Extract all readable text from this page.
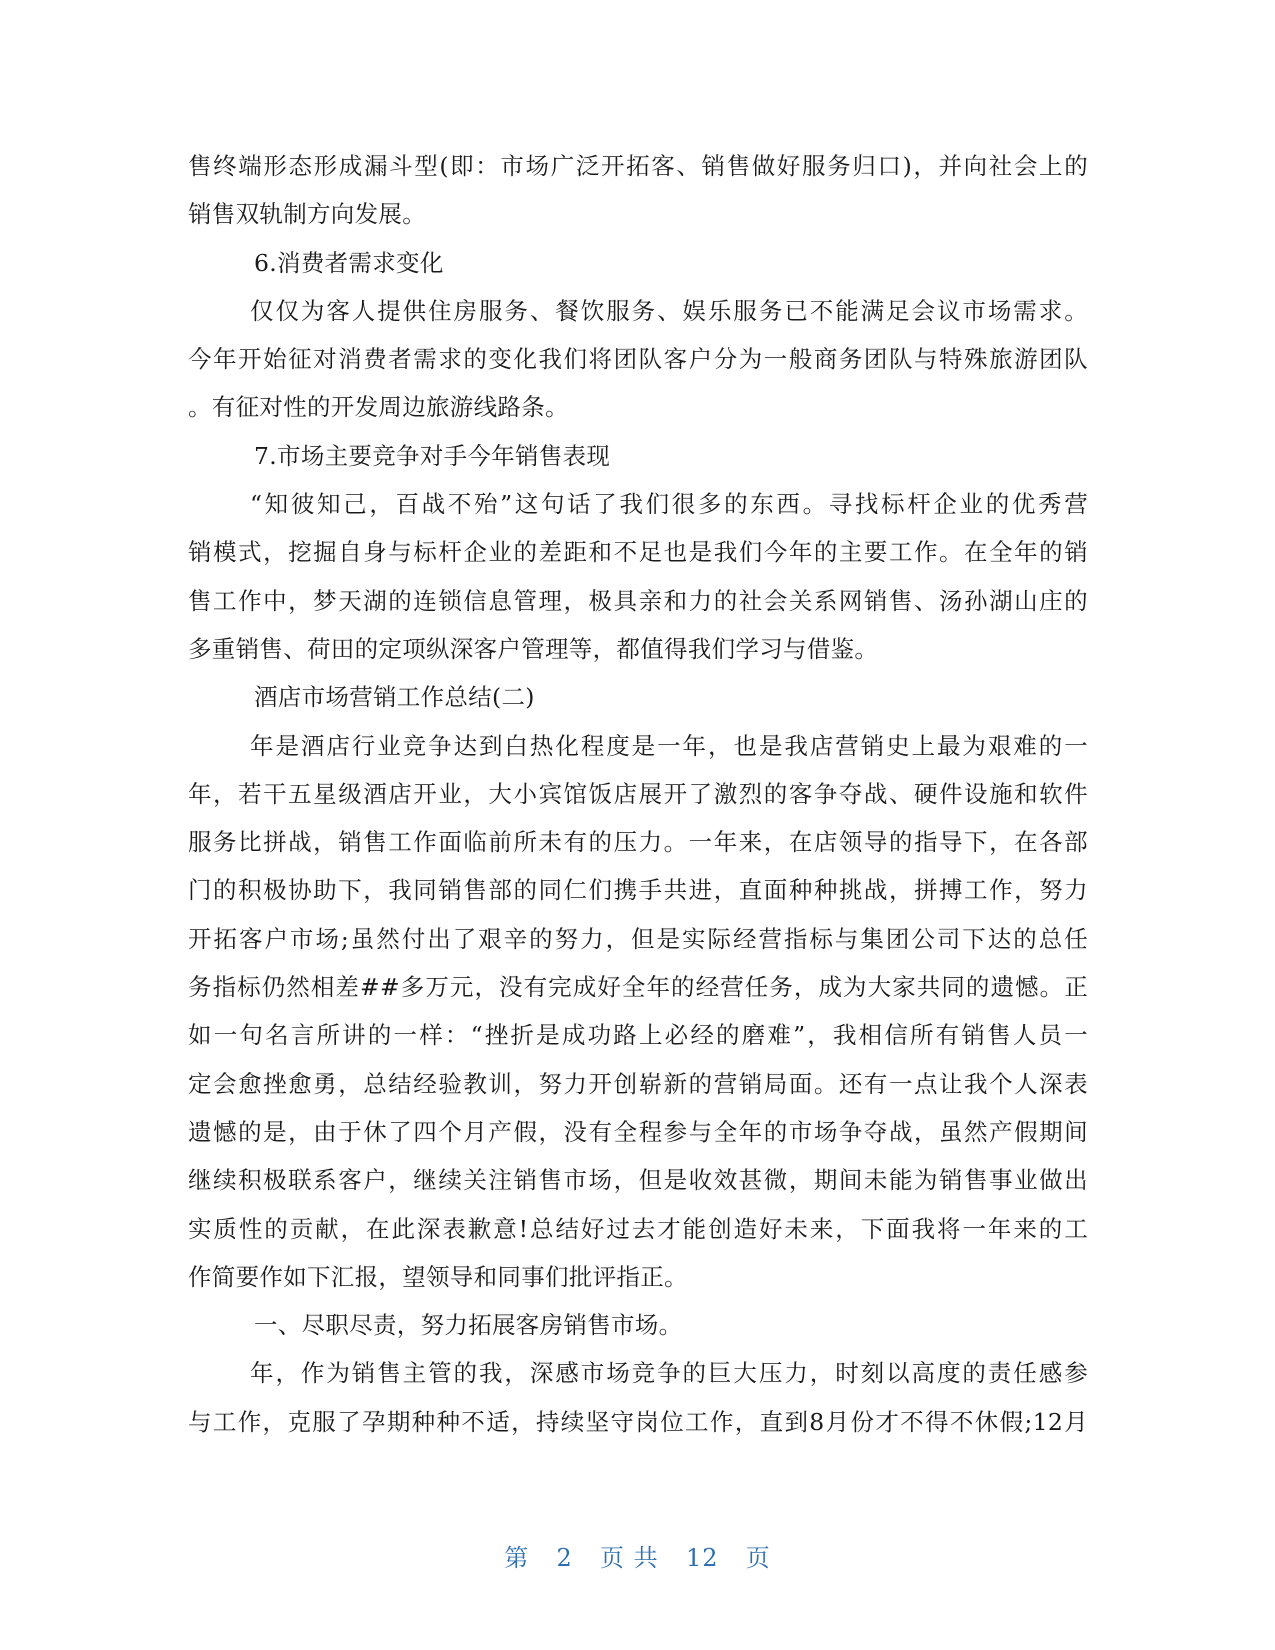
售终端形态形成漏斗型(即：市场广泛开拓客、销售做好服务归口)，并向社会上的
销售双轨制方向发展。
6.消费者需求变化
仅仅为客人提供住房服务、餐饮服务、娱乐服务已不能满足会议市场需求。
今年开始征对消费者需求的变化我们将团队客户分为一般商务团队与特殊旅游团队
。有征对性的开发周边旅游线路条。
7.市场主要竞争对手今年销售表现
“知彼知己，百战不殆”这句话了我们很多的东西。寻找标杆企业的优秀营
销模式，挖掘自身与标杆企业的差距和不足也是我们今年的主要工作。在全年的销
售工作中，梦天湖的连锁信息管理，极具亲和力的社会关系网销售、汤孙湖山庄的
多重销售、荷田的定项纵深客户管理等，都值得我们学习与借鉴。
酒店市场营销工作总结(二)
年是酒店行业竞争达到白热化程度是一年，也是我店营销史上最为艰难的一
年，若干五星级酒店开业，大小宾馆饭店展开了激烈的客争夺战、硬件设施和软件
服务比拼战，销售工作面临前所未有的压力。一年来，在店领导的指导下，在各部
门的积极协助下，我同销售部的同仁们携手共进，直面种种挑战，拼搏工作，努力
开拓客户市场;虽然付出了艰辛的努力，但是实际经营指标与集团公司下达的总任
务指标仍然相差##多万元，没有完成好全年的经营任务，成为大家共同的遗憾。正
如一句名言所讲的一样：“挫折是成功路上必经的磨难”，我相信所有销售人员一
定会愈挫愈勇，总结经验教训，努力开创崭新的营销局面。还有一点让我个人深表
遗憾的是，由于休了四个月产假，没有全程参与全年的市场争夺战，虽然产假期间
继续积极联系客户，继续关注销售市场，但是收效甚微，期间未能为销售事业做出
实质性的贡献，在此深表歉意!总结好过去才能创造好未来，下面我将一年来的工
作简要作如下汇报，望领导和同事们批评指正。
一、尽职尽责，努力拓展客房销售市场。
年，作为销售主管的我，深感市场竞争的巨大压力，时刻以高度的责任感参
与工作，克服了孕期种种不适，持续坚守岗位工作，直到8月份才不得不休假;12月
第 2 页 共 12 页
